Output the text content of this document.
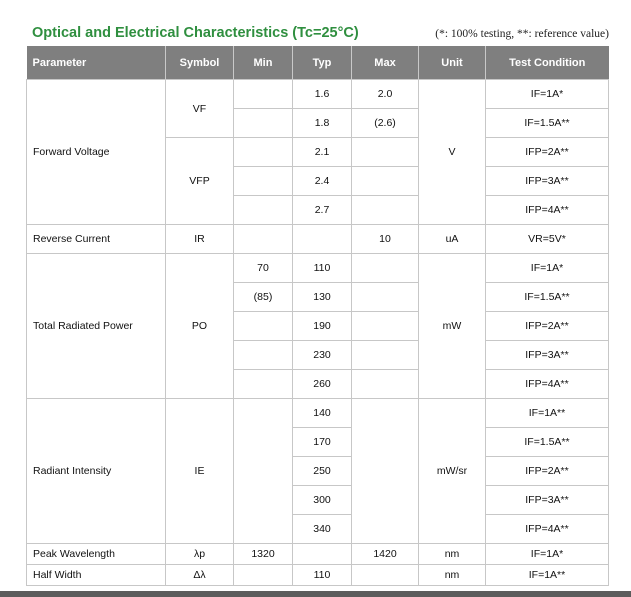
Optical and Electrical Characteristics (Tc=25°C)	(*: 100% testing, **: reference value)
Parameter	Symbol	Min	Typ	Max	Unit	Test Condition
Forward Voltage	VF		1.6	2.0	V	IF=1A*
			1.8	(2.6)		IF=1.5A**
	VFP		2.1			IFP=2A**
			2.4			IFP=3A**
			2.7			IFP=4A**
Reverse Current	IR			10	uA	VR=5V*
Total Radiated Power	PO	70	110		mW	IF=1A*
		(85)	130			IF=1.5A**
			190			IFP=2A**
			230			IFP=3A**
			260			IFP=4A**
Radiant Intensity	IE		140		mW/sr	IF=1A**
			170			IF=1.5A**
			250			IFP=2A**
			300			IFP=3A**
			340			IFP=4A**
Peak Wavelength	λp	1320		1420	nm	IF=1A*
Half Width	Δλ		110		nm	IF=1A**
